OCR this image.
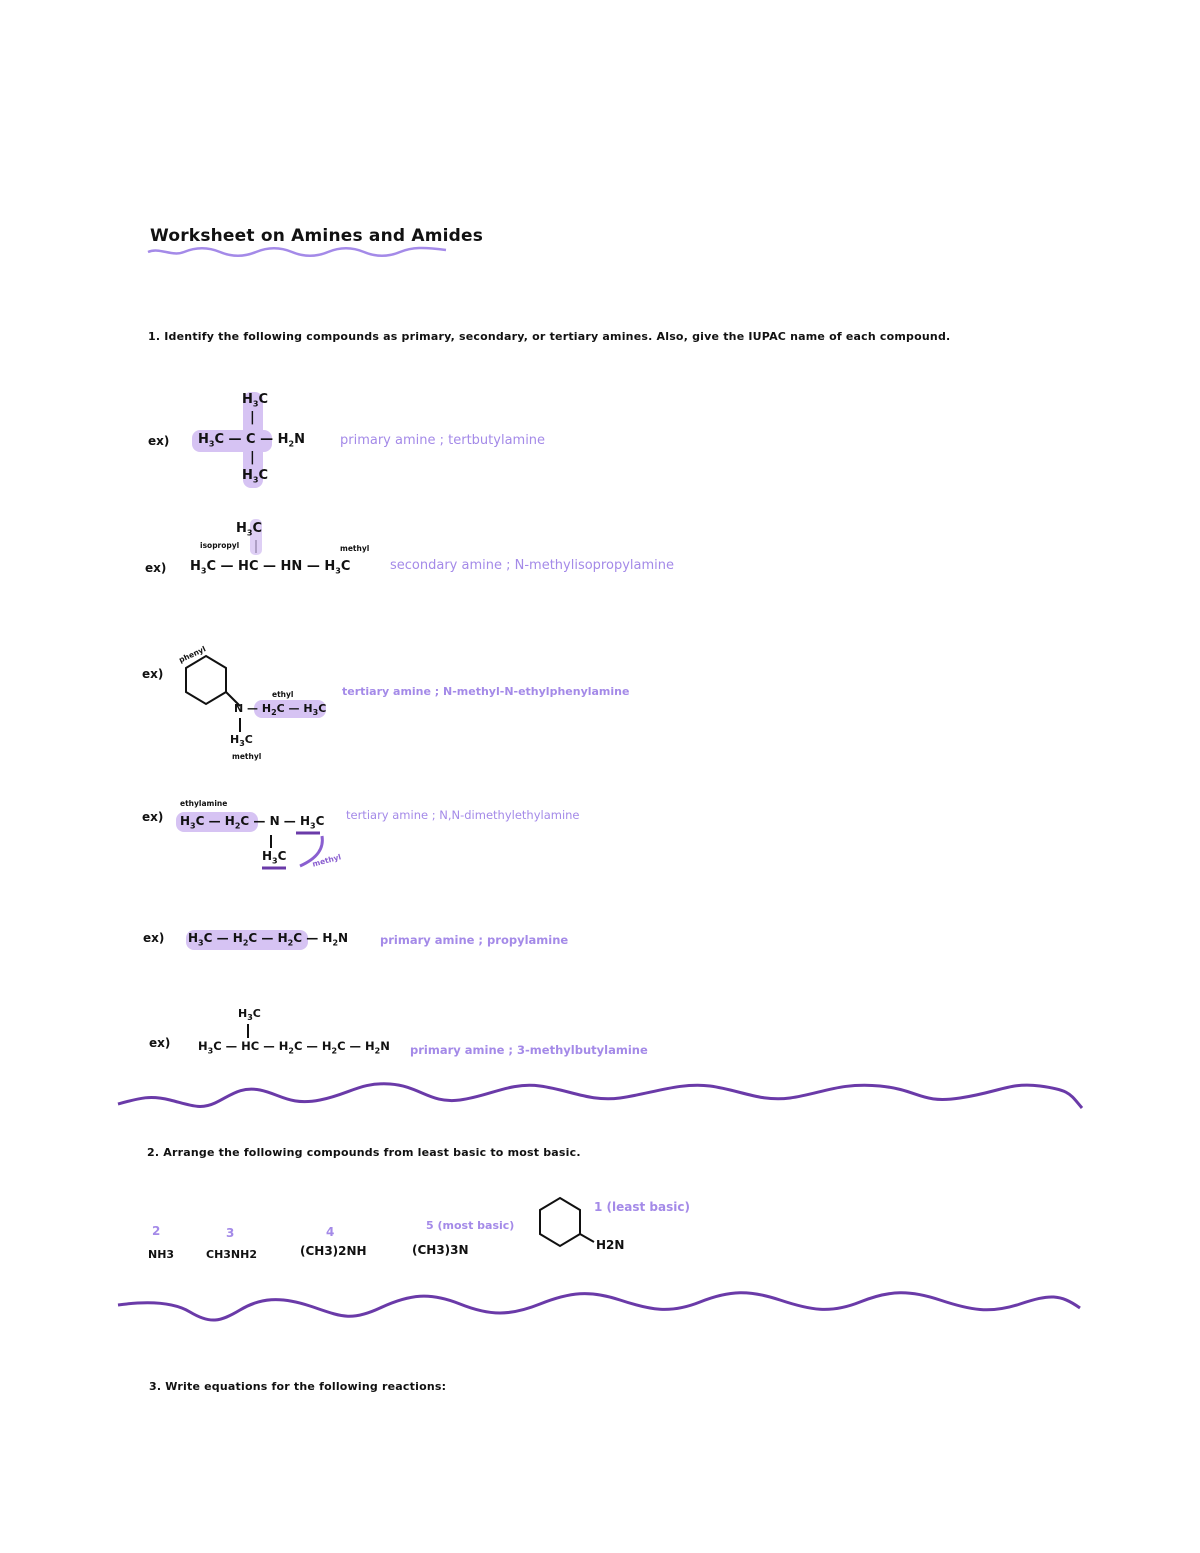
Worksheet on Amines and Amides
1. Identify the following compounds as primary, secondary, or tertiary amines. Also, give the IUPAC name of each compound.
ex)
$H_3C$
|
$H_3C$ — C — $H_2N$
|
$H_3C$
primary amine ; tertbutylamine
$H_3C$
isopropyl	methyl
ex) $H_3C$ — HC — HN — $H_3C$	secondary amine ; N-methylisopropylamine
phenyl
ex)
ethyl
N — $H_2C$ — $H_3C$
tertiary amine ; N-methyl-N-ethylphenylamine
$H_3C$
methyl
ethylamine
ex) $H_3C$ — $H_2C$ — N — $H_3C$ tertiary amine ; N,N-dimethylethylamine
$H_3C$	methyl
ex) $H_3C$ — $H_2C$ — $H_2C$ — $H_2N$	primary amine ; propylamine
$H_3C$
ex) $H_3C$ — HC — $H_2C$ — $H_2C$ — $H_2N$ primary amine ; 3-methylbutylamine
2. Arrange the following compounds from least basic to most basic.
2
NH3
3
CH3NH2
4
(CH3)2NH
5 (most basic)
(CH3)3N
1 (least basic)
H2N
3. Write equations for the following reactions:
